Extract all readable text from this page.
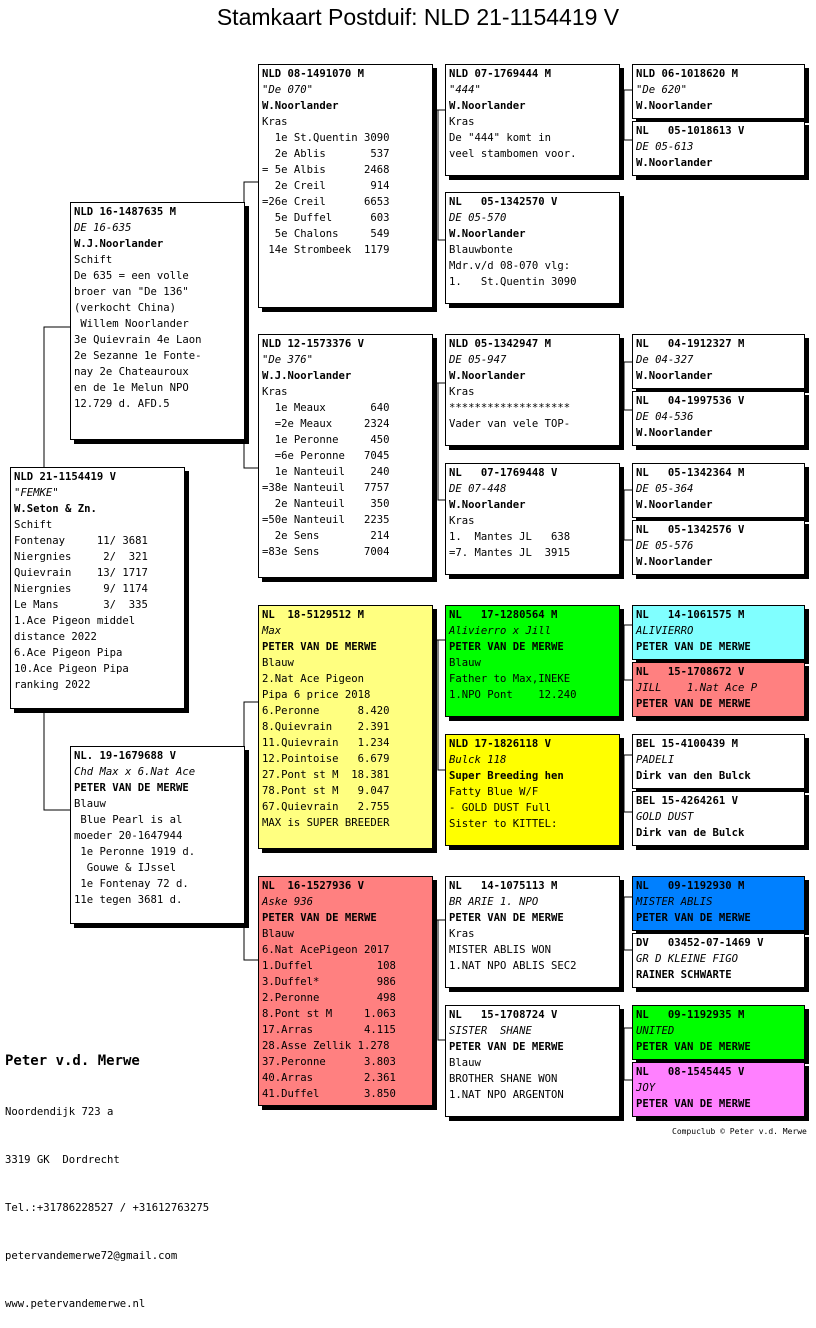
Stamkaart Postduif: NLD 21-1154419 V
NLD 21-1154419 V
"FEMKE"
W.Seton & Zn.
Schift
Fontenay     11/ 3681
Niergnies     2/  321
Quievrain    13/ 1717
Niergnies     9/ 1174
Le Mans       3/  335
1.Ace Pigeon middel
distance 2022
6.Ace Pigeon Pipa
10.Ace Pigeon Pipa
ranking 2022
NLD 16-1487635 M
DE 16-635
W.J.Noorlander
Schift
De 635 = een volle
broer van "De 136"
(verkocht China)
Willem Noorlander
3e Quievrain 4e Laon
2e Sezanne 1e Fonte-
nay 2e Chateauroux
en de 1e Melun NPO
12.729 d. AFD.5
NL. 19-1679688 V
Chd Max x 6.Nat Ace
PETER VAN DE MERWE
Blauw
Blue Pearl is al
moeder 20-1647944
1e Peronne 1919 d.
Gouwe & IJssel
1e Fontenay 72 d.
11e tegen 3681 d.
NLD 08-1491070 M
"De 070"
W.Noorlander
Kras
1e St.Quentin 3090
2e Ablis       537
= 5e Albis      2468
2e Creil       914
=26e Creil      6653
5e Duffel      603
5e Chalons     549
14e Strombeek  1179
NLD 12-1573376 V
"De 376"
W.J.Noorlander
Kras
1e Meaux       640
=2e Meaux     2324
1e Peronne     450
=6e Peronne   7045
1e Nanteuil    240
=38e Nanteuil   7757
2e Nanteuil    350
=50e Nanteuil   2235
2e Sens        214
=83e Sens       7004
NL  18-5129512 M
Max
PETER VAN DE MERWE
Blauw
2.Nat Ace Pigeon
Pipa 6 price 2018
6.Peronne      8.420
8.Quievrain    2.391
11.Quievrain   1.234
12.Pointoise   6.679
27.Pont st M  18.381
78.Pont st M   9.047
67.Quievrain   2.755
MAX is SUPER BREEDER
NL  16-1527936 V
Aske 936
PETER VAN DE MERWE
Blauw
6.Nat AcePigeon 2017
1.Duffel          108
3.Duffel*         986
2.Peronne         498
8.Pont st M     1.063
17.Arras        4.115
28.Asse Zellik 1.278
37.Peronne      3.803
40.Arras        2.361
41.Duffel       3.850
NLD 07-1769444 M
"444"
W.Noorlander
Kras
De "444" komt in
veel stambomen voor.
NL   05-1342570 V
DE 05-570
W.Noorlander
Blauwbonte
Mdr.v/d 08-070 vlg:
1.   St.Quentin 3090
NLD 05-1342947 M
DE 05-947
W.Noorlander
Kras
*******************
Vader van vele TOP-
NL   07-1769448 V
DE 07-448
W.Noorlander
Kras
1.  Mantes JL   638
=7. Mantes JL  3915
NL   17-1280564 M
Alivierro x Jill
PETER VAN DE MERWE
Blauw
Father to Max,INEKE
1.NPO Pont    12.240
NLD 17-1826118 V
Bulck 118
Super Breeding hen
Fatty Blue W/F
- GOLD DUST Full
Sister to KITTEL:
NL   14-1075113 M
BR ARIE 1. NPO
PETER VAN DE MERWE
Kras
MISTER ABLIS WON
1.NAT NPO ABLIS SEC2
NL   15-1708724 V
SISTER  SHANE
PETER VAN DE MERWE
Blauw
BROTHER SHANE WON
1.NAT NPO ARGENTON
NLD 06-1018620 M
"De 620"
W.Noorlander
NL   05-1018613 V
DE 05-613
W.Noorlander
NL   04-1912327 M
De 04-327
W.Noorlander
NL   04-1997536 V
DE 04-536
W.Noorlander
NL   05-1342364 M
DE 05-364
W.Noorlander
NL   05-1342576 V
DE 05-576
W.Noorlander
NL   14-1061575 M
ALIVIERRO
PETER VAN DE MERWE
NL   15-1708672 V
JILL    1.Nat Ace P
PETER VAN DE MERWE
BEL 15-4100439 M
PADELI
Dirk van den Bulck
BEL 15-4264261 V
GOLD DUST
Dirk van de Bulck
NL   09-1192930 M
MISTER ABLIS
PETER VAN DE MERWE
DV   03452-07-1469 V
GR D KLEINE FIGO
RAINER SCHWARTE
NL   09-1192935 M
UNITED
PETER VAN DE MERWE
NL   08-1545445 V
JOY
PETER VAN DE MERWE

Peter v.d. Merwe

Noordendijk 723 a

3319 GK  Dordrecht

Tel.:+31786228527 / +31612763275

petervandemerwe72@gmail.com

www.petervandemerwe.nl

Compuclub © Peter v.d. Merwe
